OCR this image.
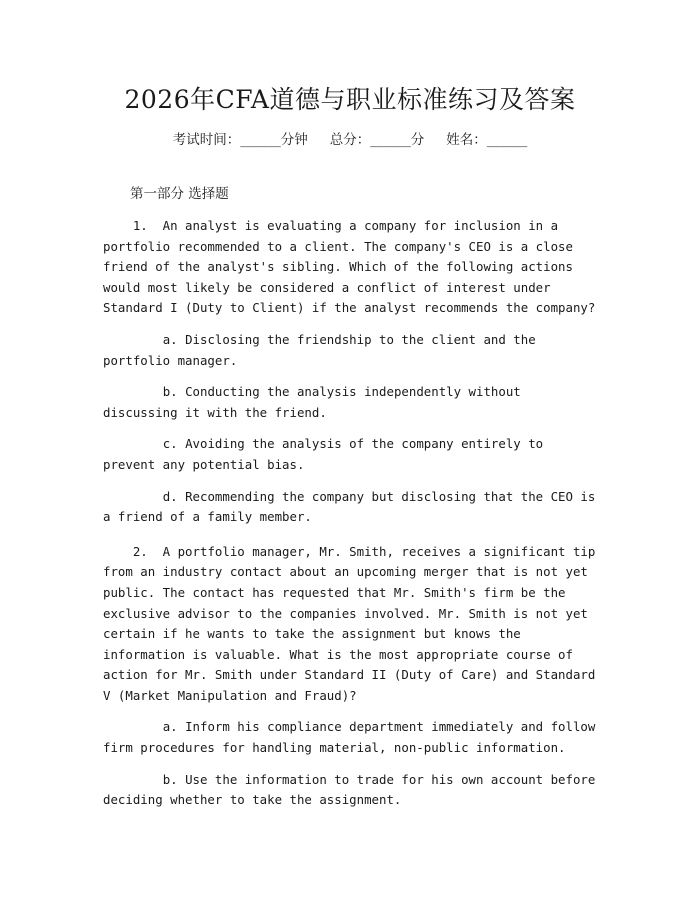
2026年CFA道德与职业标准练习及答案
考试时间：______分钟 总分：______分 姓名：______
第一部分 选择题

1.  An analyst is evaluating a company for inclusion in a portfolio recommended to a client. The company's CEO is a close friend of the analyst's sibling. Which of the following actions would most likely be considered a conflict of interest under Standard I (Duty to Client) if the analyst recommends the company?

a. Disclosing the friendship to the client and the portfolio manager.

b. Conducting the analysis independently without discussing it with the friend.

c. Avoiding the analysis of the company entirely to prevent any potential bias.

d. Recommending the company but disclosing that the CEO is a friend of a family member.

2.  A portfolio manager, Mr. Smith, receives a significant tip from an industry contact about an upcoming merger that is not yet public. The contact has requested that Mr. Smith's firm be the exclusive advisor to the companies involved. Mr. Smith is not yet certain if he wants to take the assignment but knows the information is valuable. What is the most appropriate course of action for Mr. Smith under Standard II (Duty of Care) and Standard V (Market Manipulation and Fraud)?

a. Inform his compliance department immediately and follow firm procedures for handling material, non-public information.

b. Use the information to trade for his own account before deciding whether to take the assignment.
